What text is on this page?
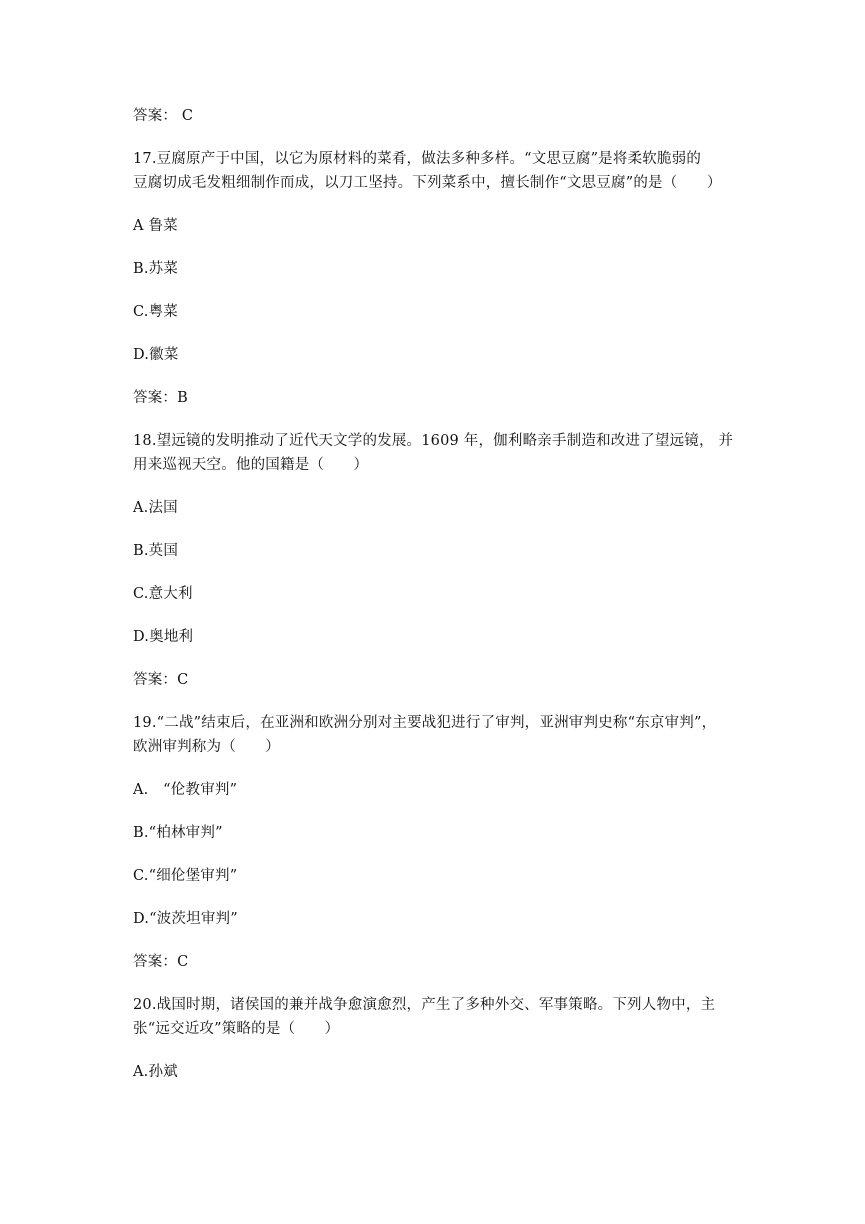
答案： C
17.豆腐原产于中国，以它为原材料的菜肴，做法多种多样。“文思豆腐”是将柔软脆弱的
豆腐切成毛发粗细制作而成，以刀工坚持。下列菜系中，擅长制作“文思豆腐”的是（　　）
A 鲁菜
B.苏菜
C.粤菜
D.徽菜
答案：B
18.望远镜的发明推动了近代天文学的发展。1609 年，伽利略亲手制造和改进了望远镜， 并
用来巡视天空。他的国籍是（　　）
A.法国
B.英国
C.意大利
D.奥地利
答案：C
19.“二战”结束后，在亚洲和欧洲分别对主要战犯进行了审判，亚洲审判史称“东京审判”，
欧洲审判称为（　　）
A.　“伦教审判”
B.“柏林审判”
C.“细伦堡审判”
D.“波茨坦审判”
答案：C
20.战国时期，诸侯国的兼并战争愈演愈烈，产生了多种外交、军事策略。下列人物中，主
张“远交近攻”策略的是（　　）
A.孙斌
